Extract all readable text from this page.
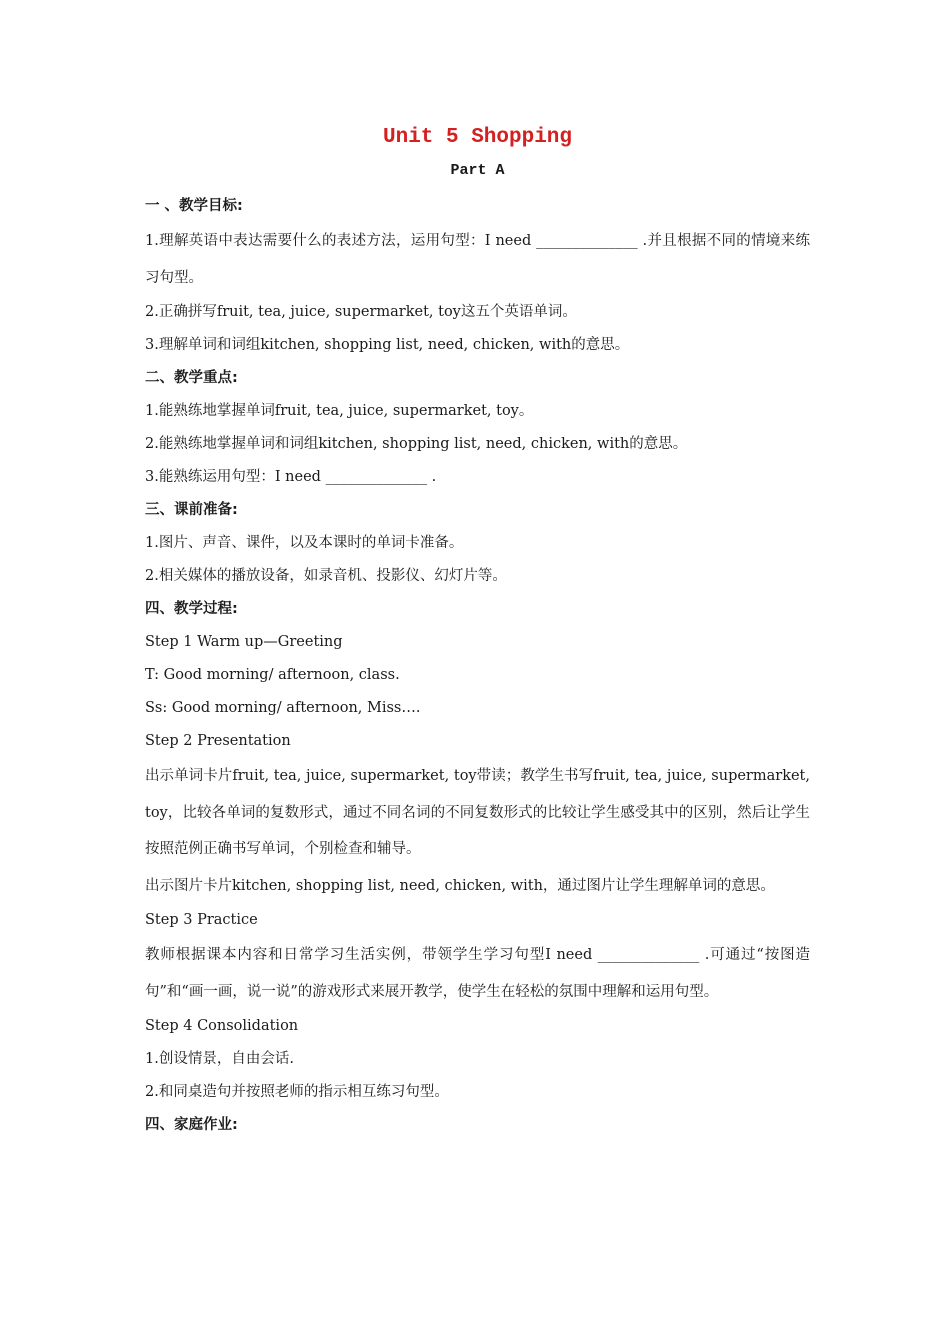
Unit 5 Shopping
Part A
一 、教学目标:
1.理解英语中表达需要什么的表述方法，运用句型：I need ______________ .并且根据不同的情境来练习句型。
2.正确拼写fruit, tea, juice, supermarket, toy这五个英语单词。
3.理解单词和词组kitchen, shopping list, need, chicken, with的意思。
二、教学重点:
1.能熟练地掌握单词fruit, tea, juice, supermarket, toy。
2.能熟练地掌握单词和词组kitchen, shopping list, need, chicken, with的意思。
3.能熟练运用句型：I need ______________ .
三、课前准备:
1.图片、声音、课件，以及本课时的单词卡准备。
2.相关媒体的播放设备，如录音机、投影仪、幻灯片等。
四、教学过程:
Step 1 Warm up—Greeting
T: Good morning/ afternoon, class.
Ss: Good morning/ afternoon, Miss….
Step 2 Presentation
出示单词卡片fruit, tea, juice, supermarket, toy带读；教学生书写fruit, tea, juice, supermarket, toy，比较各单词的复数形式，通过不同名词的不同复数形式的比较让学生感受其中的区别，然后让学生按照范例正确书写单词，个别检查和辅导。
出示图片卡片kitchen, shopping list, need, chicken, with，通过图片让学生理解单词的意思。
Step 3 Practice
教师根据课本内容和日常学习生活实例，带领学生学习句型I need ______________ .可通过“按图造句”和“画一画，说一说”的游戏形式来展开教学，使学生在轻松的氛围中理解和运用句型。
Step 4 Consolidation
1.创设情景，自由会话.
2.和同桌造句并按照老师的指示相互练习句型。
四、家庭作业:
